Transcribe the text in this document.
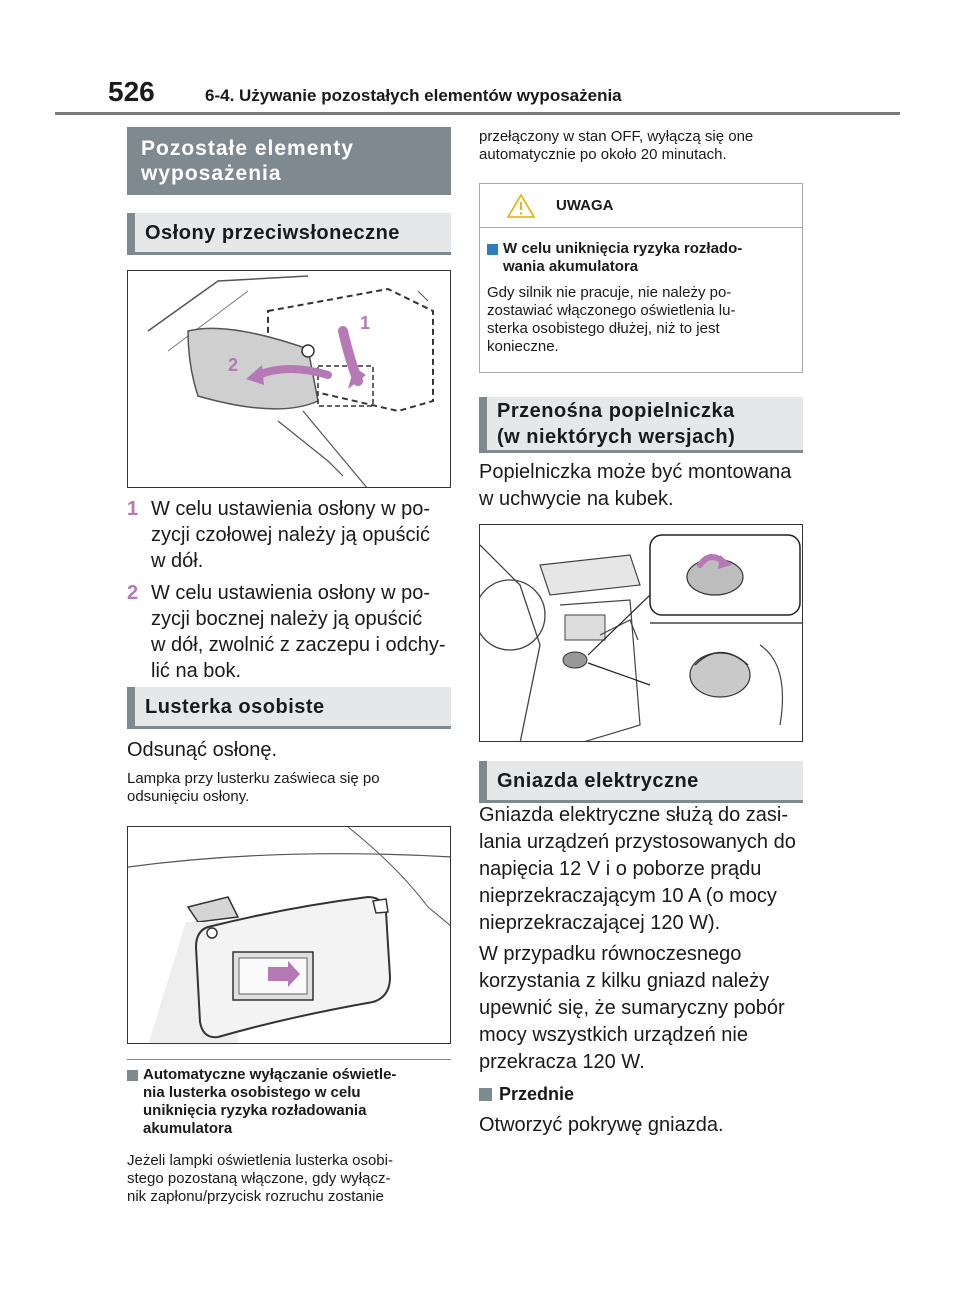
526	6-4. Używanie pozostałych elementów wyposażenia
Pozostałe elementy
wyposażenia
Osłony przeciwsłoneczne
1
2
1 W celu ustawienia osłony w po-
zycji czołowej należy ją opuścić
w dół.
2 W celu ustawienia osłony w po-
zycji bocznej należy ją opuścić
w dół, zwolnić z zaczepu i odchy-
lić na bok.
Lusterka osobiste
Odsunąć osłonę.
Lampka przy lusterku zaświeca się po
odsunięciu osłony.
Automatyczne wyłączanie oświetle-
nia lusterka osobistego w celu
uniknięcia ryzyka rozładowania
akumulatora
Jeżeli lampki oświetlenia lusterka osobi-
stego pozostaną włączone, gdy wyłącz-
nik zapłonu/przycisk rozruchu zostanie
przełączony w stan OFF, wyłączą się one
automatycznie po około 20 minutach.
UWAGA
W celu uniknięcia ryzyka rozłado-
wania akumulatora
Gdy silnik nie pracuje, nie należy po-
zostawiać włączonego oświetlenia lu-
sterka osobistego dłużej, niż to jest
konieczne.
Przenośna popielniczka
(w niektórych wersjach)
Popielniczka może być montowana
w uchwycie na kubek.
Gniazda elektryczne
Gniazda elektryczne służą do zasi-
lania urządzeń przystosowanych do
napięcia 12 V i o poborze prądu
nieprzekraczającym 10 A (o mocy
nieprzekraczającej 120 W).
W przypadku równoczesnego
korzystania z kilku gniazd należy
upewnić się, że sumaryczny pobór
mocy wszystkich urządzeń nie
przekracza 120 W.
Przednie
Otworzyć pokrywę gniazda.
